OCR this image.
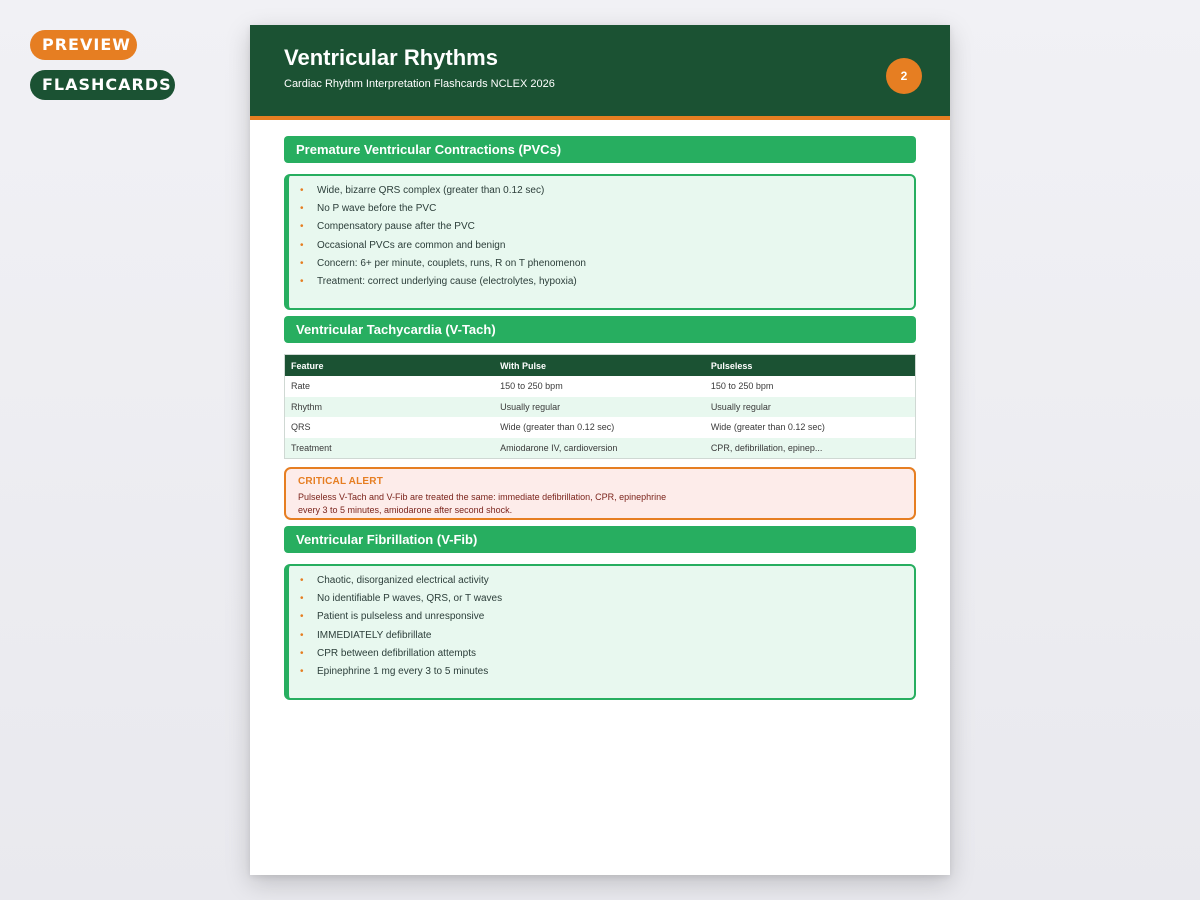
PREVIEW
FLASHCARDS
Ventricular Rhythms
Cardiac Rhythm Interpretation Flashcards NCLEX 2026
2
Premature Ventricular Contractions (PVCs)
• Wide, bizarre QRS complex (greater than 0.12 sec)
• No P wave before the PVC
• Compensatory pause after the PVC
• Occasional PVCs are common and benign
• Concern: 6+ per minute, couplets, runs, R on T phenomenon
• Treatment: correct underlying cause (electrolytes, hypoxia)
Ventricular Tachycardia (V-Tach)
Feature	With Pulse	Pulseless
Rate	150 to 250 bpm	150 to 250 bpm
Rhythm	Usually regular	Usually regular
QRS	Wide (greater than 0.12 sec)	Wide (greater than 0.12 sec)
Treatment	Amiodarone IV, cardioversion	CPR, defibrillation, epinep...
CRITICAL ALERT
Pulseless V-Tach and V-Fib are treated the same: immediate defibrillation, CPR, epinephrine every 3 to 5 minutes, amiodarone after second shock.
Ventricular Fibrillation (V-Fib)
• Chaotic, disorganized electrical activity
• No identifiable P waves, QRS, or T waves
• Patient is pulseless and unresponsive
• IMMEDIATELY defibrillate
• CPR between defibrillation attempts
• Epinephrine 1 mg every 3 to 5 minutes
